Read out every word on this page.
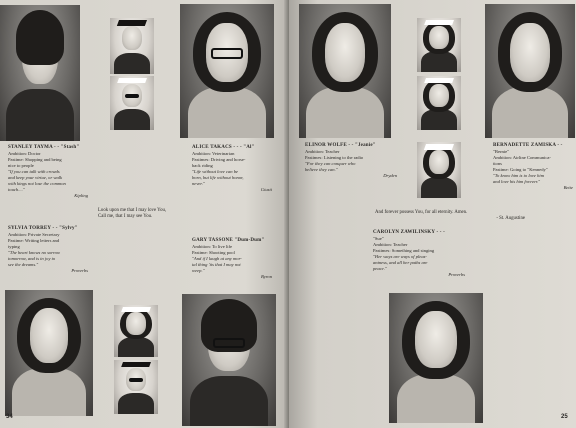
STANLEY TAYMA - - "Stash"
Ambition: Doctor
Pastime: Shopping and being
nice to people
"If you can talk with crowds
and keep your virtue, or walk
with kings not lose the common
touch...."
Kipling
ALICE TAKACS - - - "Al"
Ambition: Veterinarian
Pastimes: Driving and horse-
back riding
"Life without love can be
born, but life without honor,
never."
Giusti
SYLVIA TORREY - - "Sylvy"
Ambition: Private Secretary
Pastime: Writing letters and
typing
"The heart knows no sorrow
tomorrow, and is in joy to
see the dreams."
Proverbs
Look upon me that I may love You,
Call me, that I may see You.
GARY TASSONE "Dum-Dum"
Ambition: To live life
Pastime: Shooting pool
"And if I laugh at any mor-
tal thing 'tis that I may not
weep."
Byron
34
ELINOR WOLFE - - "Jeanie"
Ambition: Teacher
Pastimes: Listening to the radio
"For they can conquer who
believe they can."
Dryden
BERNADETTE ZAMISKA - -
"Bernie"
Ambition: Airline Communica-
tions
Pastime: Going to "Kennedy"
"To know him is to love him
and love his him forever."
Bette
And forever possess You, for all eternity. Amen.
- St. Augustine
CAROLYN ZAWILINSKY - - -
"Sue"
Ambition: Teacher
Pastimes: Something and singing
"Her ways are ways of pleas-
antness, and all her paths are
peace."
Proverbs
25
